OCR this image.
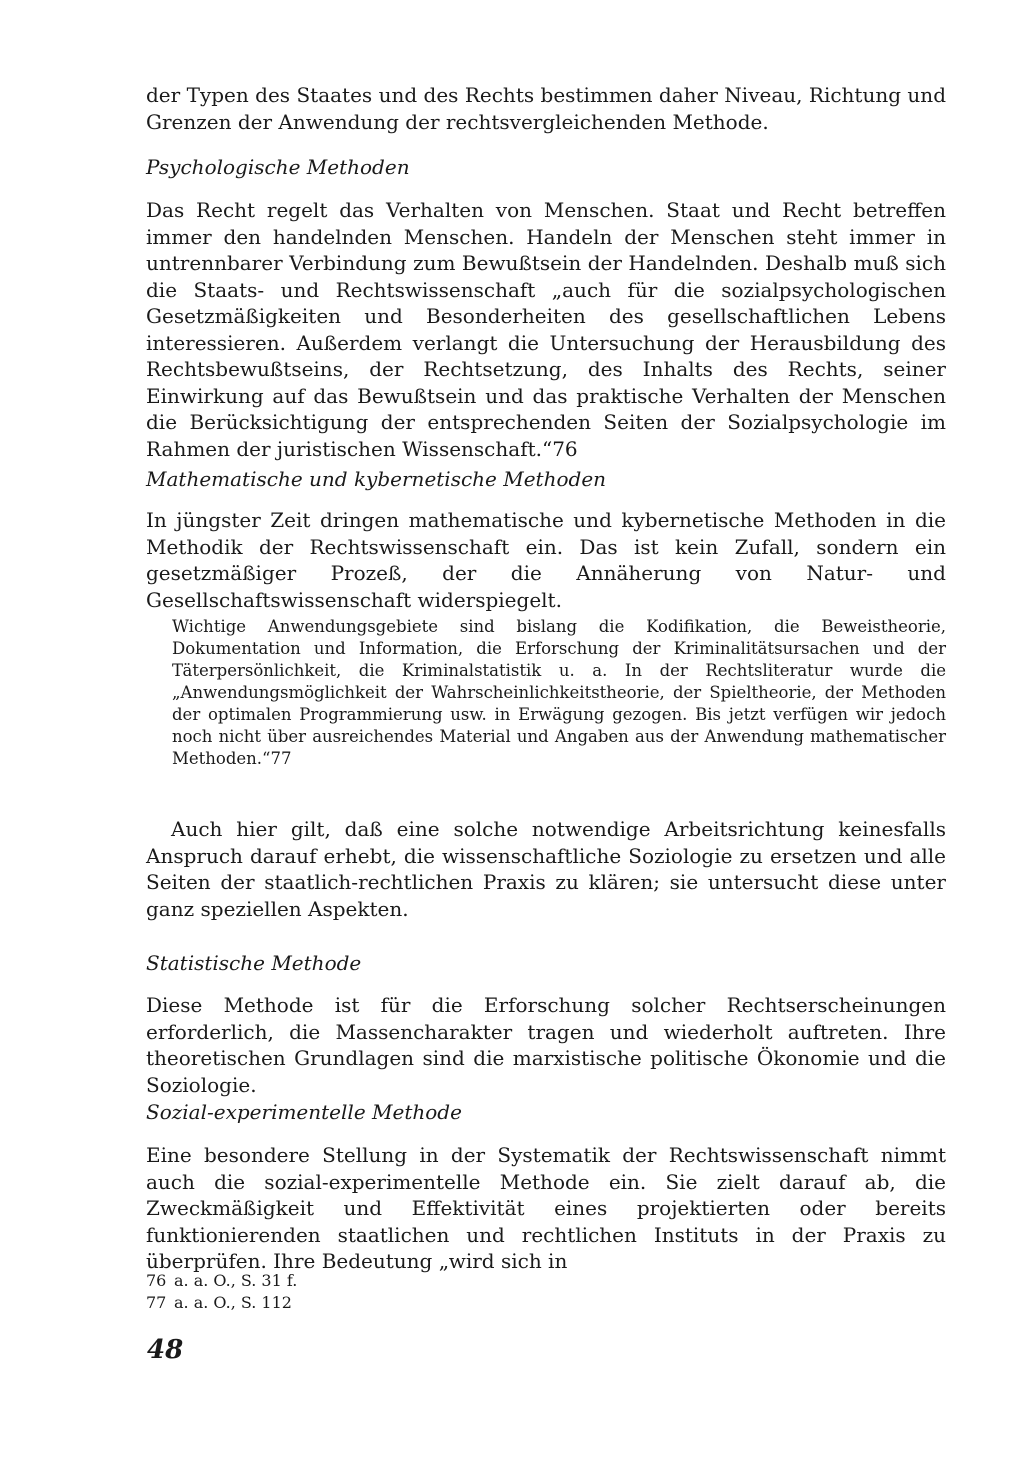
der Typen des Staates und des Rechts bestimmen daher Niveau, Richtung und Grenzen der Anwendung der rechtsvergleichenden Methode.

Psychologische Methoden

Das Recht regelt das Verhalten von Menschen. Staat und Recht betreffen immer den handelnden Menschen. Handeln der Menschen steht immer in untrennbarer Verbindung zum Bewußtsein der Handelnden. Deshalb muß sich die Staats- und Rechtswissenschaft „auch für die sozialpsychologischen Gesetzmäßigkeiten und Besonderheiten des gesellschaftlichen Lebens interessieren. Außerdem verlangt die Untersuchung der Herausbildung des Rechtsbewußtseins, der Rechtsetzung, des Inhalts des Rechts, seiner Einwirkung auf das Bewußtsein und das praktische Verhalten der Menschen die Berücksichtigung der entsprechenden Seiten der Sozialpsychologie im Rahmen der juristischen Wissenschaft.“76

Mathematische und kybernetische Methoden

In jüngster Zeit dringen mathematische und kybernetische Methoden in die Methodik der Rechtswissenschaft ein. Das ist kein Zufall, sondern ein gesetzmäßiger Prozeß, der die Annäherung von Natur- und Gesellschaftswissenschaft widerspiegelt.

Wichtige Anwendungsgebiete sind bislang die Kodifikation, die Beweistheorie, Dokumentation und Information, die Erforschung der Kriminalitätsursachen und der Täterpersönlichkeit, die Kriminalstatistik u. a. In der Rechtsliteratur wurde die „Anwendungsmöglichkeit der Wahrscheinlichkeitstheorie, der Spieltheorie, der Methoden der optimalen Programmierung usw. in Erwägung gezogen. Bis jetzt verfügen wir jedoch noch nicht über ausreichendes Material und Angaben aus der Anwendung mathematischer Methoden.“77

Auch hier gilt, daß eine solche notwendige Arbeitsrichtung keinesfalls Anspruch darauf erhebt, die wissenschaftliche Soziologie zu ersetzen und alle Seiten der staatlich-rechtlichen Praxis zu klären; sie untersucht diese unter ganz speziellen Aspekten.

Statistische Methode

Diese Methode ist für die Erforschung solcher Rechtserscheinungen erforderlich, die Massencharakter tragen und wiederholt auftreten. Ihre theoretischen Grundlagen sind die marxistische politische Ökonomie und die Soziologie.

Sozial-experimentelle Methode

Eine besondere Stellung in der Systematik der Rechtswissenschaft nimmt auch die sozial-experimentelle Methode ein. Sie zielt darauf ab, die Zweckmäßigkeit und Effektivität eines projektierten oder bereits funktionierenden staatlichen und rechtlichen Instituts in der Praxis zu überprüfen. Ihre Bedeutung „wird sich in

76 a. a. O., S. 31 f.

77 a. a. O., S. 112

48
